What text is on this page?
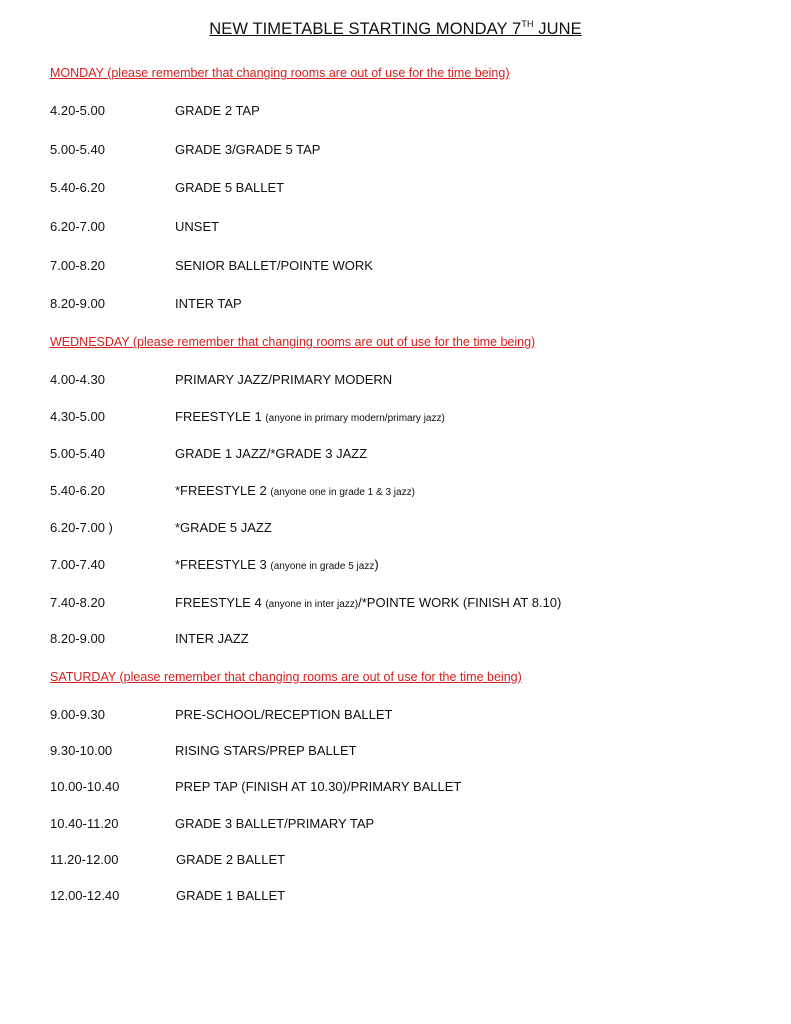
NEW TIMETABLE STARTING MONDAY 7TH JUNE
MONDAY (please remember that changing rooms are out of use for the time being)
4.20-5.00	GRADE 2 TAP
5.00-5.40	GRADE 3/GRADE 5 TAP
5.40-6.20	GRADE 5 BALLET
6.20-7.00	UNSET
7.00-8.20	SENIOR BALLET/POINTE WORK
8.20-9.00	INTER TAP
WEDNESDAY (please remember that changing rooms are out of use for the time being)
4.00-4.30	PRIMARY JAZZ/PRIMARY MODERN
4.30-5.00	FREESTYLE 1 (anyone in primary modern/primary jazz)
5.00-5.40	GRADE 1 JAZZ/*GRADE 3 JAZZ
5.40-6.20	*FREESTYLE 2 (anyone one in grade 1 & 3 jazz)
6.20-7.00 )	*GRADE 5 JAZZ
7.00-7.40	*FREESTYLE 3 (anyone in grade 5 jazz)
7.40-8.20	FREESTYLE 4 (anyone in inter jazz)/*POINTE WORK (FINISH AT 8.10)
8.20-9.00	INTER JAZZ
SATURDAY (please remember that changing rooms are out of use for the time being)
9.00-9.30	PRE-SCHOOL/RECEPTION BALLET
9.30-10.00	RISING STARS/PREP BALLET
10.00-10.40	PREP TAP (FINISH AT 10.30)/PRIMARY BALLET
10.40-11.20	GRADE 3 BALLET/PRIMARY TAP
11.20-12.00	GRADE 2 BALLET
12.00-12.40	GRADE 1 BALLET
